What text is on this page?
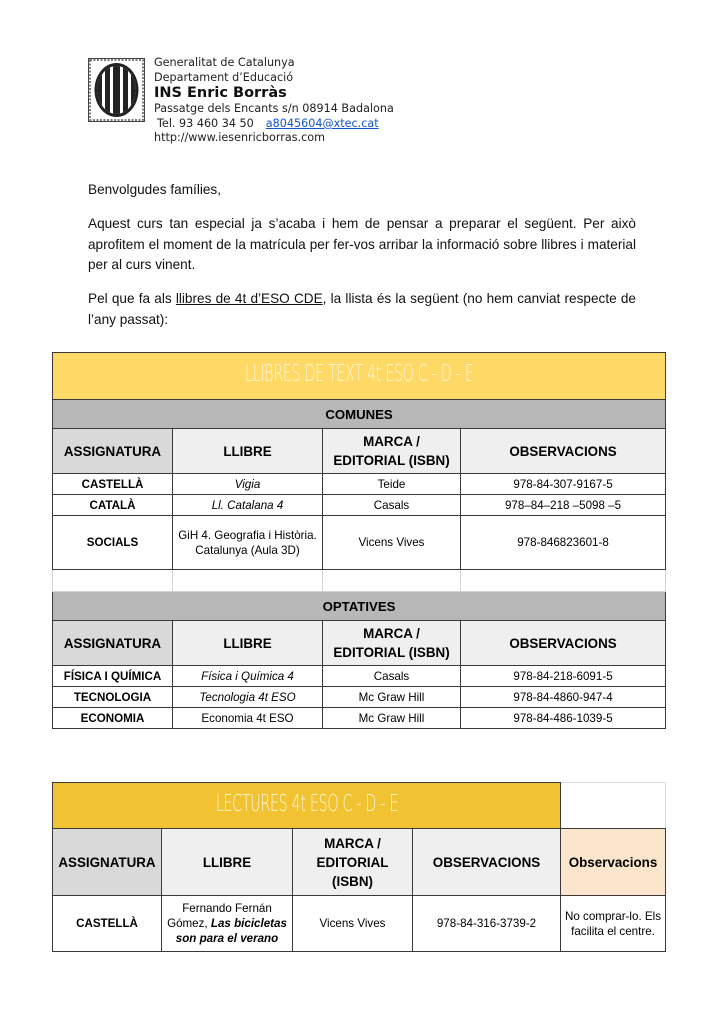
Generalitat de Catalunya
Departament d’Educació
INS Enric Borràs
Passatge dels Encants s/n 08914 Badalona
Tel. 93 460 34 50 a8045604@xtec.cat
http://www.iesenricborras.com
Benvolgudes famílies,
Aquest curs tan especial ja s’acaba i hem de pensar a preparar el següent. Per això aprofitem el moment de la matrícula per fer-vos arribar la informació sobre llibres i material per al curs vinent.
Pel que fa als llibres de 4t d’ESO CDE, la llista és la següent (no hem canviat respecte de l’any passat):
LLIBRES DE TEXT 4t ESO C - D - E			
COMUNES			
ASSIGNATURA	LLIBRE	MARCA / EDITORIAL (ISBN)	OBSERVACIONS
CASTELLÀ	Vigia	Teide	978-84-307-9167-5
CATALÀ	Ll. Catalana 4	Casals	978–84–218 –5098 –5
SOCIALS	GiH 4. Geografia i Història. Catalunya (Aula 3D)	Vicens Vives	978-846823601-8

OPTATIVES			
ASSIGNATURA	LLIBRE	MARCA / EDITORIAL (ISBN)	OBSERVACIONS
FÍSICA I QUÍMICA	Física i Química 4	Casals	978-84-218-6091-5
TECNOLOGIA	Tecnologia 4t ESO	Mc Graw Hill	978-84-4860-947-4
ECONOMIA	Economia 4t ESO	Mc Graw Hill	978-84-486-1039-5
LECTURES 4t ESO C - D - E				
ASSIGNATURA	LLIBRE	MARCA / EDITORIAL (ISBN)	OBSERVACIONS	Observacions
CASTELLÀ	Fernando Fernán Gómez, Las bicicletas son para el verano	Vicens Vives	978-84-316-3739-2	No comprar-lo. Els facilita el centre.
